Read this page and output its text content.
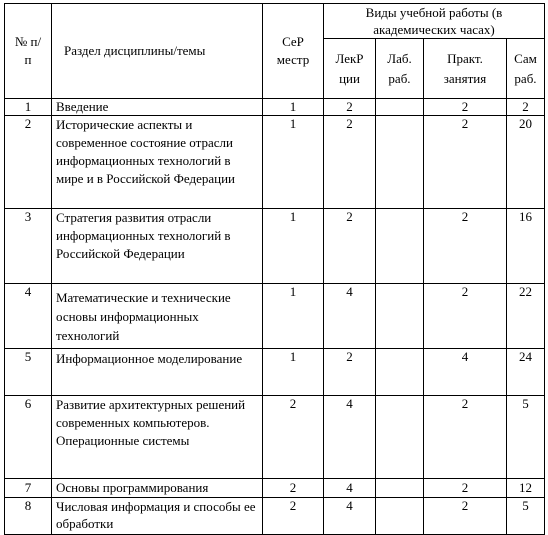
№ п/п	Раздел дисциплины/темы	СеР местр	Виды учебной работы (в академических часах)			
			ЛекР ции	Лаб. раб.	Практ. занятия	Сам раб.
1	Введение	1	2		2	2
2	Исторические аспекты и современное состояние отрасли информационных технологий в мире и в Российской Федерации	1	2		2	20
3	Стратегия развития отрасли информационных технологий в Российской Федерации	1	2		2	16
4	Математические и технические основы информационных технологий	1	4		2	22
5	Информационное моделирование	1	2		4	24
6	Развитие архитектурных решений современных компьютеров. Операционные системы	2	4		2	5
7	Основы программирования	2	4		2	12
8	Числовая информация и способы ее обработки	2	4		2	5
